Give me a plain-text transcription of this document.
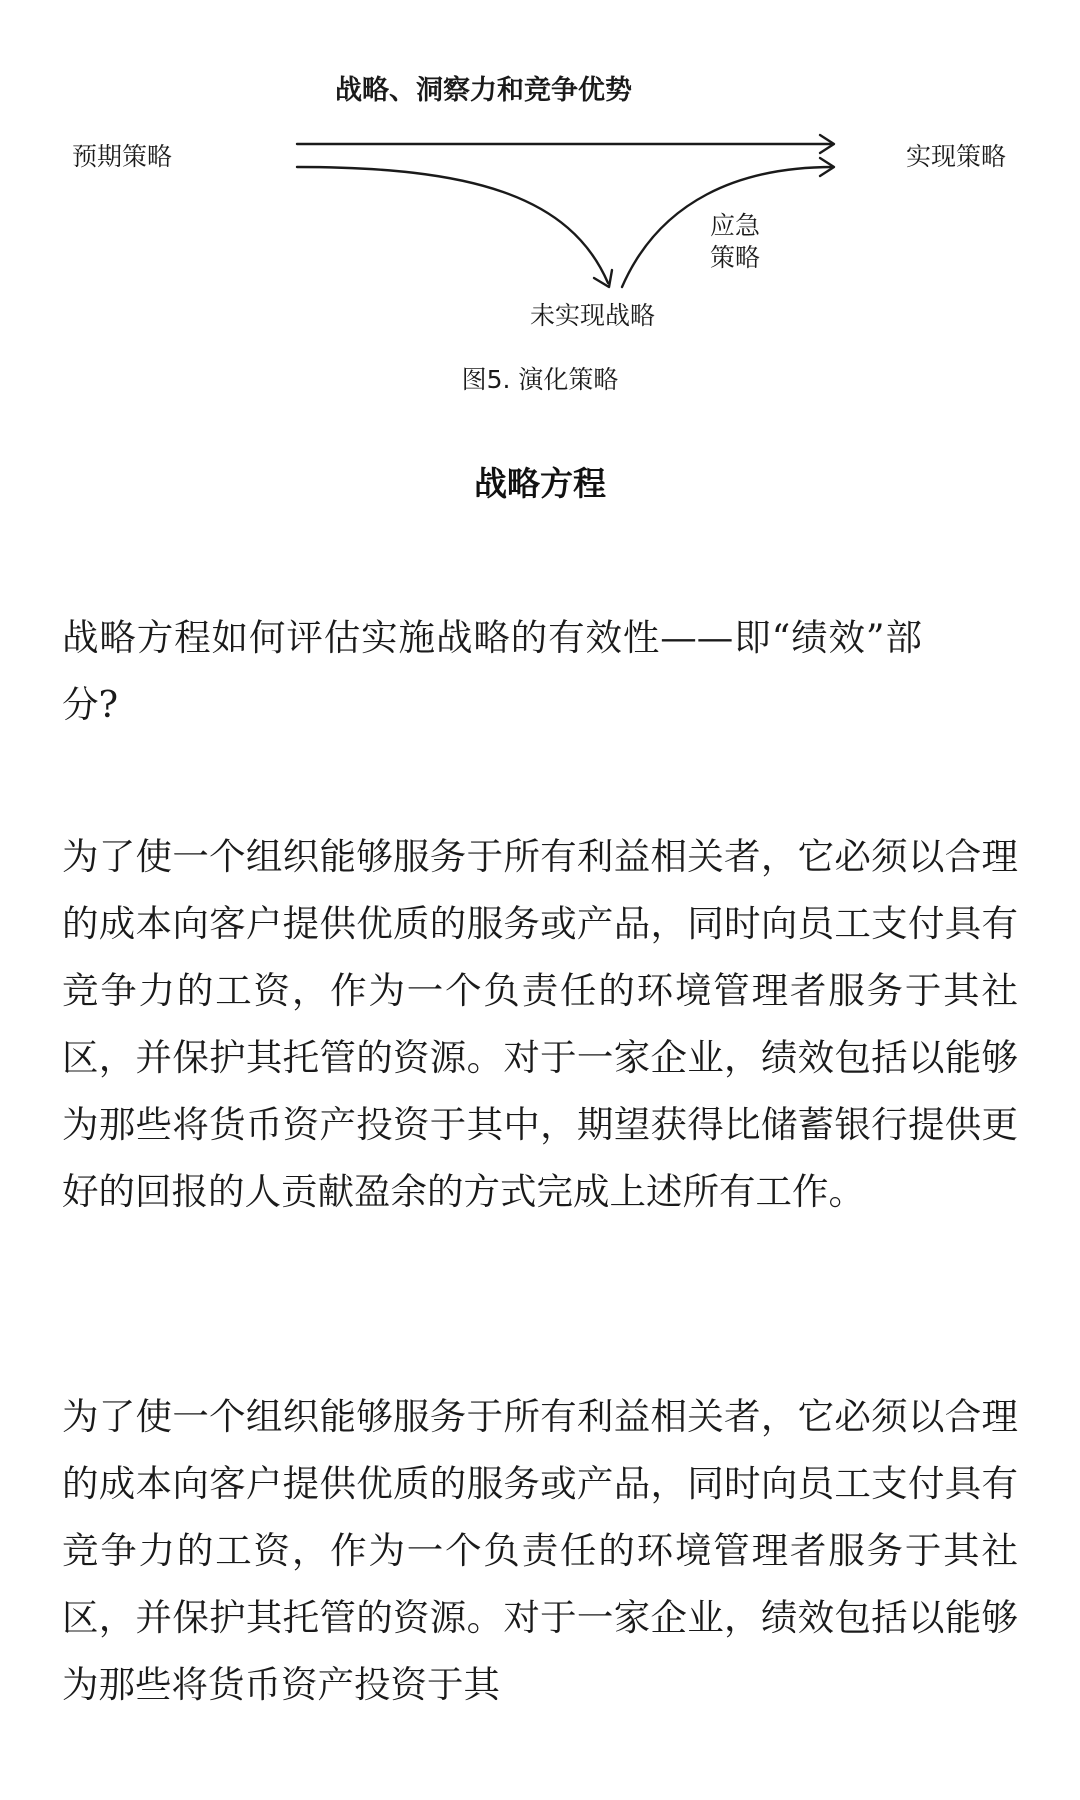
战略、洞察力和竞争优势
预期策略	实现策略
未实现战略
应急
策略
图5. 演化策略
战略方程

战略方程如何评估实施战略的有效性——即“绩效”部分?

为了使一个组织能够服务于所有利益相关者，它必须以合理的成本向客户提供优质的服务或产品，同时向员工支付具有竞争力的工资，作为一个负责任的环境管理者服务于其社区，并保护其托管的资源。对于一家企业，绩效包括以能够为那些将货币资产投资于其中，期望获得比储蓄银行提供更好的回报的人贡献盈余的方式完成上述所有工作。

为了使一个组织能够服务于所有利益相关者，它必须以合理的成本向客户提供优质的服务或产品，同时向员工支付具有竞争力的工资，作为一个负责任的环境管理者服务于其社区，并保护其托管的资源。对于一家企业，绩效包括以能够为那些将货币资产投资于其
